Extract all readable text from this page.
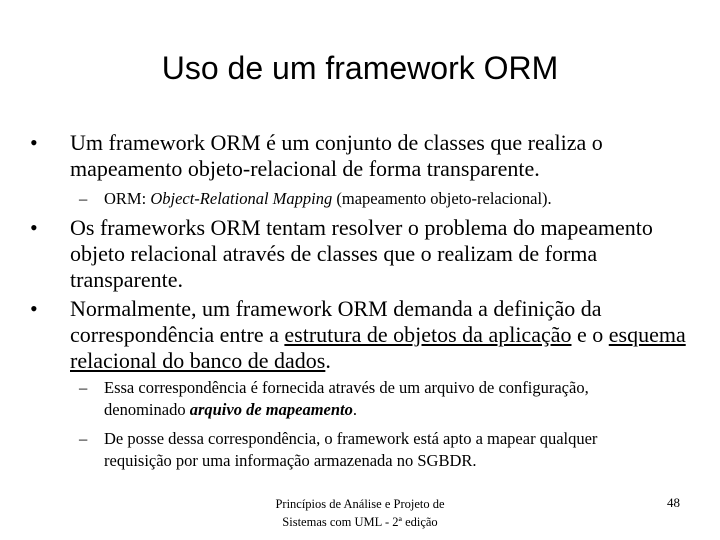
Uso de um framework ORM
•	Um framework ORM é um conjunto de classes que realiza o mapeamento objeto-relacional de forma transparente.
– ORM: Object-Relational Mapping (mapeamento objeto-relacional).
•	Os frameworks ORM tentam resolver o problema do mapeamento objeto relacional através de classes que o realizam de forma transparente.
•	Normalmente, um framework ORM demanda a definição da correspondência entre a estrutura de objetos da aplicação e o esquema relacional do banco de dados.
– Essa correspondência é fornecida através de um arquivo de configuração, denominado arquivo de mapeamento.
– De posse dessa correspondência, o framework está apto a mapear qualquer requisição por uma informação armazenada no SGBDR.
Princípios de Análise e Projeto de
Sistemas com UML - 2ª edição
48
